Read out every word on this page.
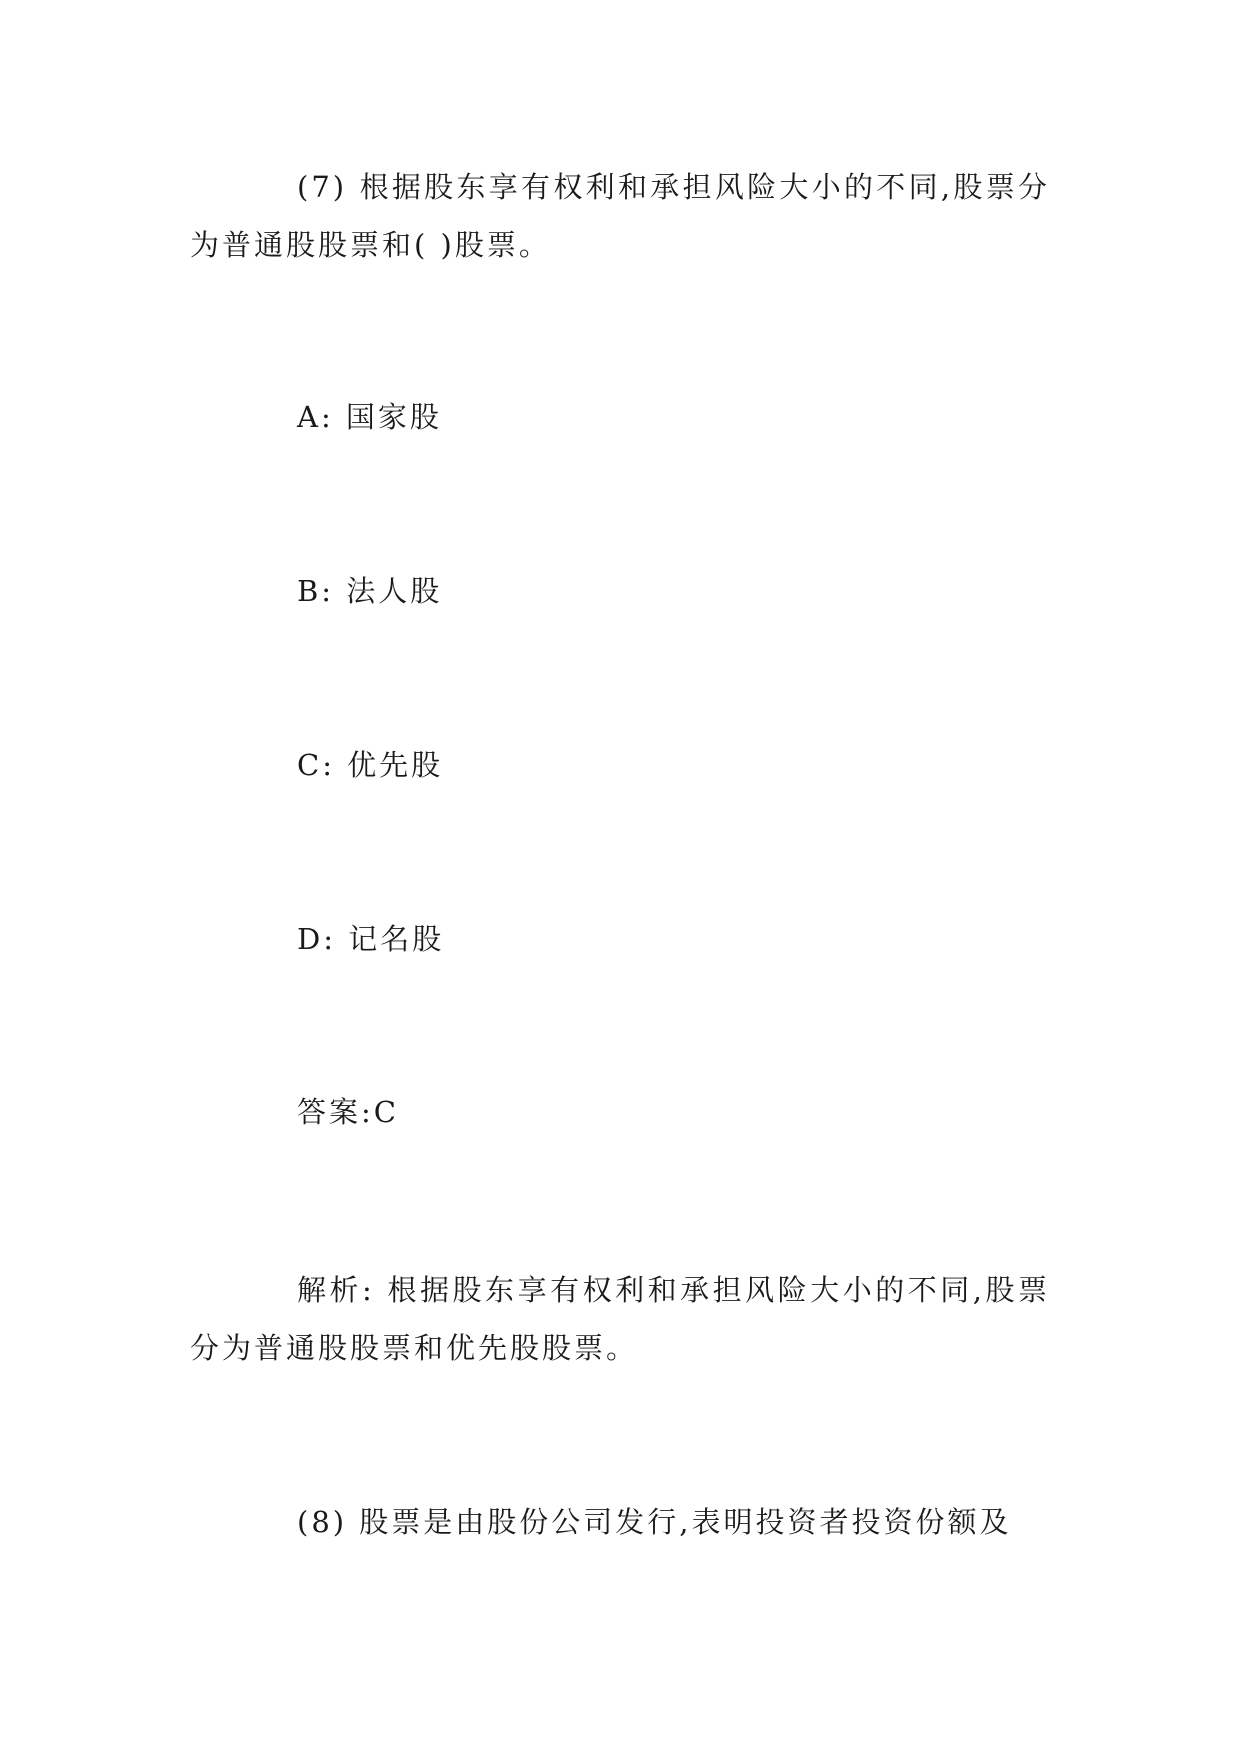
(7) 根据股东享有权利和承担风险大小的不同,股票分为普通股股票和( )股票。

A: 国家股

B: 法人股

C: 优先股

D: 记名股

答案:C

解析: 根据股东享有权利和承担风险大小的不同,股票分为普通股股票和优先股股票。

(8) 股票是由股份公司发行,表明投资者投资份额及
